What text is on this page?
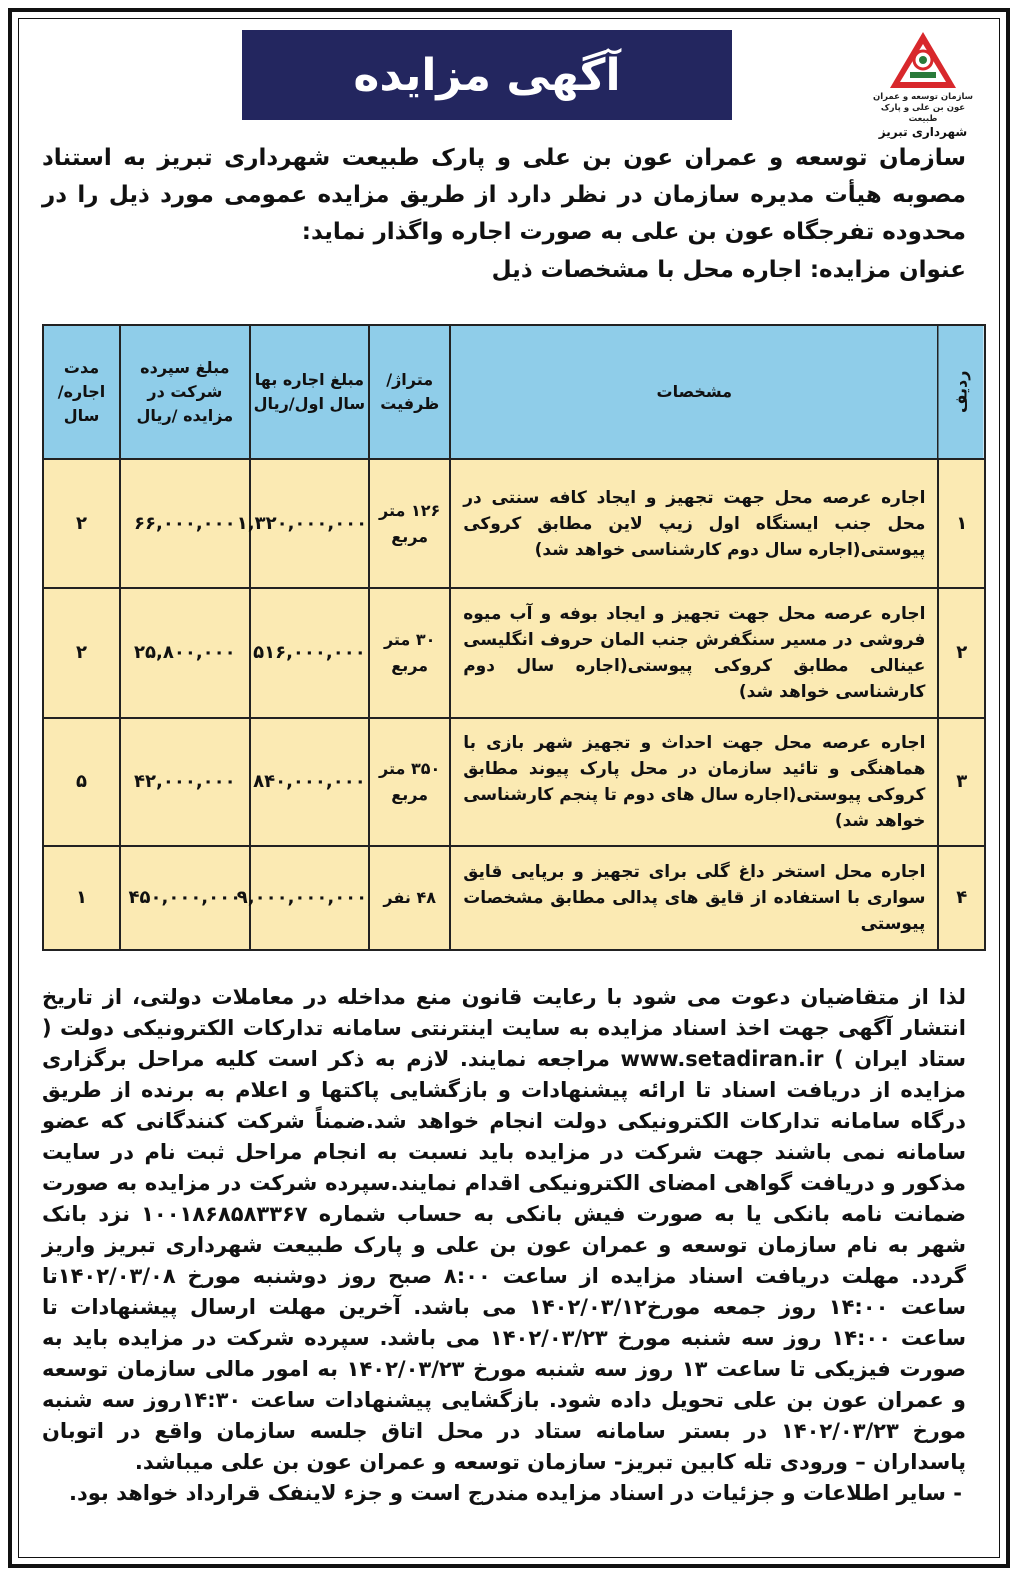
آگهی مزایده	سازمان توسعه و عمران
عون بن علی و پارک طبیعت
شهرداری تبریز
سازمان توسعه و عمران عون بن علی و پارک طبیعت شهرداری تبریز به استناد مصوبه هیأت مدیره سازمان در نظر دارد از طریق مزایده عمومی مورد ذیل را در محدوده تفرجگاه عون بن علی به صورت اجاره واگذار نماید:
عنوان مزایده: اجاره محل با مشخصات ذیل
ردیف	مشخصات	متراژ/ ظرفیت	مبلغ اجاره بها سال اول/ریال	مبلغ سپرده شرکت در مزایده /ریال	مدت اجاره/ سال
۱	اجاره عرصه محل جهت تجهیز و ایجاد کافه سنتی در محل جنب ایستگاه اول زیپ لاین مطابق کروکی پیوستی(اجاره سال دوم کارشناسی خواهد شد)	۱۲۶ متر مربع	۱,۳۲۰,۰۰۰,۰۰۰	۶۶,۰۰۰,۰۰۰	۲
۲	اجاره عرصه محل جهت تجهیز و ایجاد بوفه و آب میوه فروشی در مسیر سنگفرش جنب المان حروف انگلیسی عینالی مطابق کروکی پیوستی(اجاره سال دوم کارشناسی خواهد شد)	۳۰ متر مربع	۵۱۶,۰۰۰,۰۰۰	۲۵,۸۰۰,۰۰۰	۲
۳	اجاره عرصه محل جهت احداث و تجهیز شهر بازی با هماهنگی و تائید سازمان در محل پارک پیوند مطابق کروکی پیوستی(اجاره سال های دوم تا پنجم کارشناسی خواهد شد)	۳۵۰ متر مربع	۸۴۰,۰۰۰,۰۰۰	۴۲,۰۰۰,۰۰۰	۵
۴	اجاره محل استخر داغ گلی برای تجهیز و برپایی قایق سواری با استفاده از قایق های پدالی مطابق مشخصات پیوستی	۴۸ نفر	۹,۰۰۰,۰۰۰,۰۰۰	۴۵۰,۰۰۰,۰۰۰	۱

لذا از متقاضیان دعوت می شود با رعایت قانون منع مداخله در معاملات دولتی، از تاریخ انتشار آگهی جهت اخذ اسناد مزایده به سایت اینترنتی سامانه تدارکات الکترونیکی دولت ( ستاد ایران ) www.setadiran.ir مراجعه نمایند. لازم به ذکر است کلیه مراحل برگزاری مزایده از دریافت اسناد تا ارائه پیشنهادات و بازگشایی پاکتها و اعلام به برنده از طریق درگاه سامانه تدارکات الکترونیکی دولت انجام خواهد شد.ضمناً شرکت کنندگانی که عضو سامانه نمی باشند جهت شرکت در مزایده باید نسبت به انجام مراحل ثبت نام در سایت مذکور و دریافت گواهی امضای الکترونیکی اقدام نمایند.سپرده شرکت در مزایده به صورت ضمانت نامه بانکی یا به صورت فیش بانکی به حساب شماره ۱۰۰۱۸۶۸۵۸۳۳۶۷ نزد بانک شهر به نام سازمان توسعه و عمران عون بن علی و پارک طبیعت شهرداری تبریز واریز گردد. مهلت دریافت اسناد مزایده از ساعت ۸:۰۰ صبح روز دوشنبه مورخ ۱۴۰۲/۰۳/۰۸تا ساعت ۱۴:۰۰ روز جمعه مورخ۱۴۰۲/۰۳/۱۲ می باشد. آخرین مهلت ارسال پیشنهادات تا ساعت ۱۴:۰۰ روز سه شنبه مورخ ۱۴۰۲/۰۳/۲۳ می باشد. سپرده شرکت در مزایده باید به صورت فیزیکی تا ساعت ۱۳ روز سه شنبه مورخ ۱۴۰۲/۰۳/۲۳ به امور مالی سازمان توسعه و عمران عون بن علی تحویل داده شود. بازگشایی پیشنهادات ساعت ۱۴:۳۰روز سه شنبه مورخ ۱۴۰۲/۰۳/۲۳ در بستر سامانه ستاد در محل اتاق جلسه سازمان واقع در اتوبان پاسداران – ورودی تله کابین تبریز- سازمان توسعه و عمران عون بن علی میباشد.

- سایر اطلاعات و جزئیات در اسناد مزایده مندرج است و جزء لاینفک قرارداد خواهد بود.
